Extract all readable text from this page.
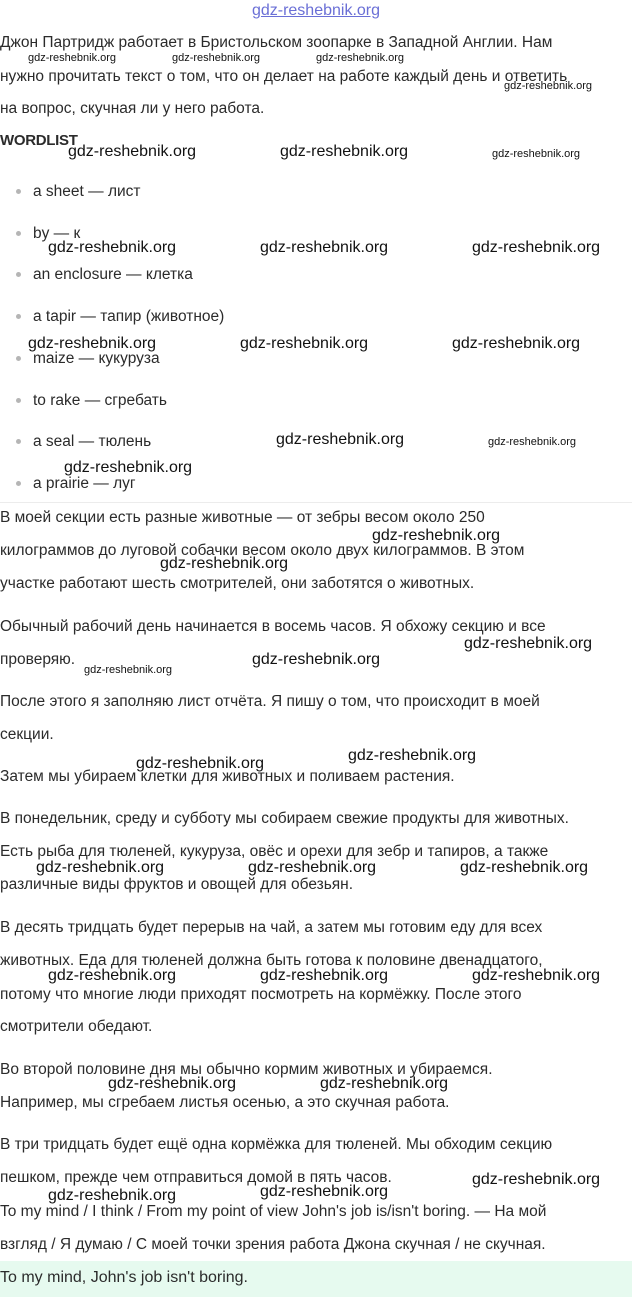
gdz-reshebnik.org
Джон Партридж работает в Бристольском зоопарке в Западной Англии. Нам
нужно прочитать текст о том, что он делает на работе каждый день и ответить
на вопрос, скучная ли у него работа.
WORDLIST
a sheet — лист
by — к
an enclosure — клетка
a tapir — тапир (животное)
maize — кукуруза
to rake — сгребать
a seal — тюлень
a prairie — луг
В моей секции есть разные животные — от зебры весом около 250
килограммов до луговой собачки весом около двух килограммов. В этом
участке работают шесть смотрителей, они заботятся о животных.
Обычный рабочий день начинается в восемь часов. Я обхожу секцию и все
проверяю.
После этого я заполняю лист отчёта. Я пишу о том, что происходит в моей
секции.
Затем мы убираем клетки для животных и поливаем растения.
В понедельник, среду и субботу мы собираем свежие продукты для животных.
Есть рыба для тюленей, кукуруза, овёс и орехи для зебр и тапиров, а также
различные виды фруктов и овощей для обезьян.
В десять тридцать будет перерыв на чай, а затем мы готовим еду для всех
животных. Еда для тюленей должна быть готова к половине двенадцатого,
потому что многие люди приходят посмотреть на кормёжку. После этого
смотрители обедают.
Во второй половине дня мы обычно кормим животных и убираемся.
Например, мы сгребаем листья осенью, а это скучная работа.
В три тридцать будет ещё одна кормёжка для тюленей. Мы обходим секцию
пешком, прежде чем отправиться домой в пять часов.
To my mind / I think / From my point of view John's job is/isn't boring. — На мой
взгляд / Я думаю / С моей точки зрения работа Джона скучная / не скучная.
To my mind, John's job isn't boring.
gdz-reshebnik.org	gdz-reshebnik.org	gdz-reshebnik.org
gdz-reshebnik.org
gdz-reshebnik.org	gdz-reshebnik.org	gdz-reshebnik.org
gdz-reshebnik.org	gdz-reshebnik.org	gdz-reshebnik.org
gdz-reshebnik.org	gdz-reshebnik.org	gdz-reshebnik.org
gdz-reshebnik.org	gdz-reshebnik.org
gdz-reshebnik.org
gdz-reshebnik.org
gdz-reshebnik.org
gdz-reshebnik.org
gdz-reshebnik.org
gdz-reshebnik.org
gdz-reshebnik.org
gdz-reshebnik.org
gdz-reshebnik.org	gdz-reshebnik.org	gdz-reshebnik.org
gdz-reshebnik.org	gdz-reshebnik.org	gdz-reshebnik.org
gdz-reshebnik.org	gdz-reshebnik.org
gdz-reshebnik.org
gdz-reshebnik.org
gdz-reshebnik.org
